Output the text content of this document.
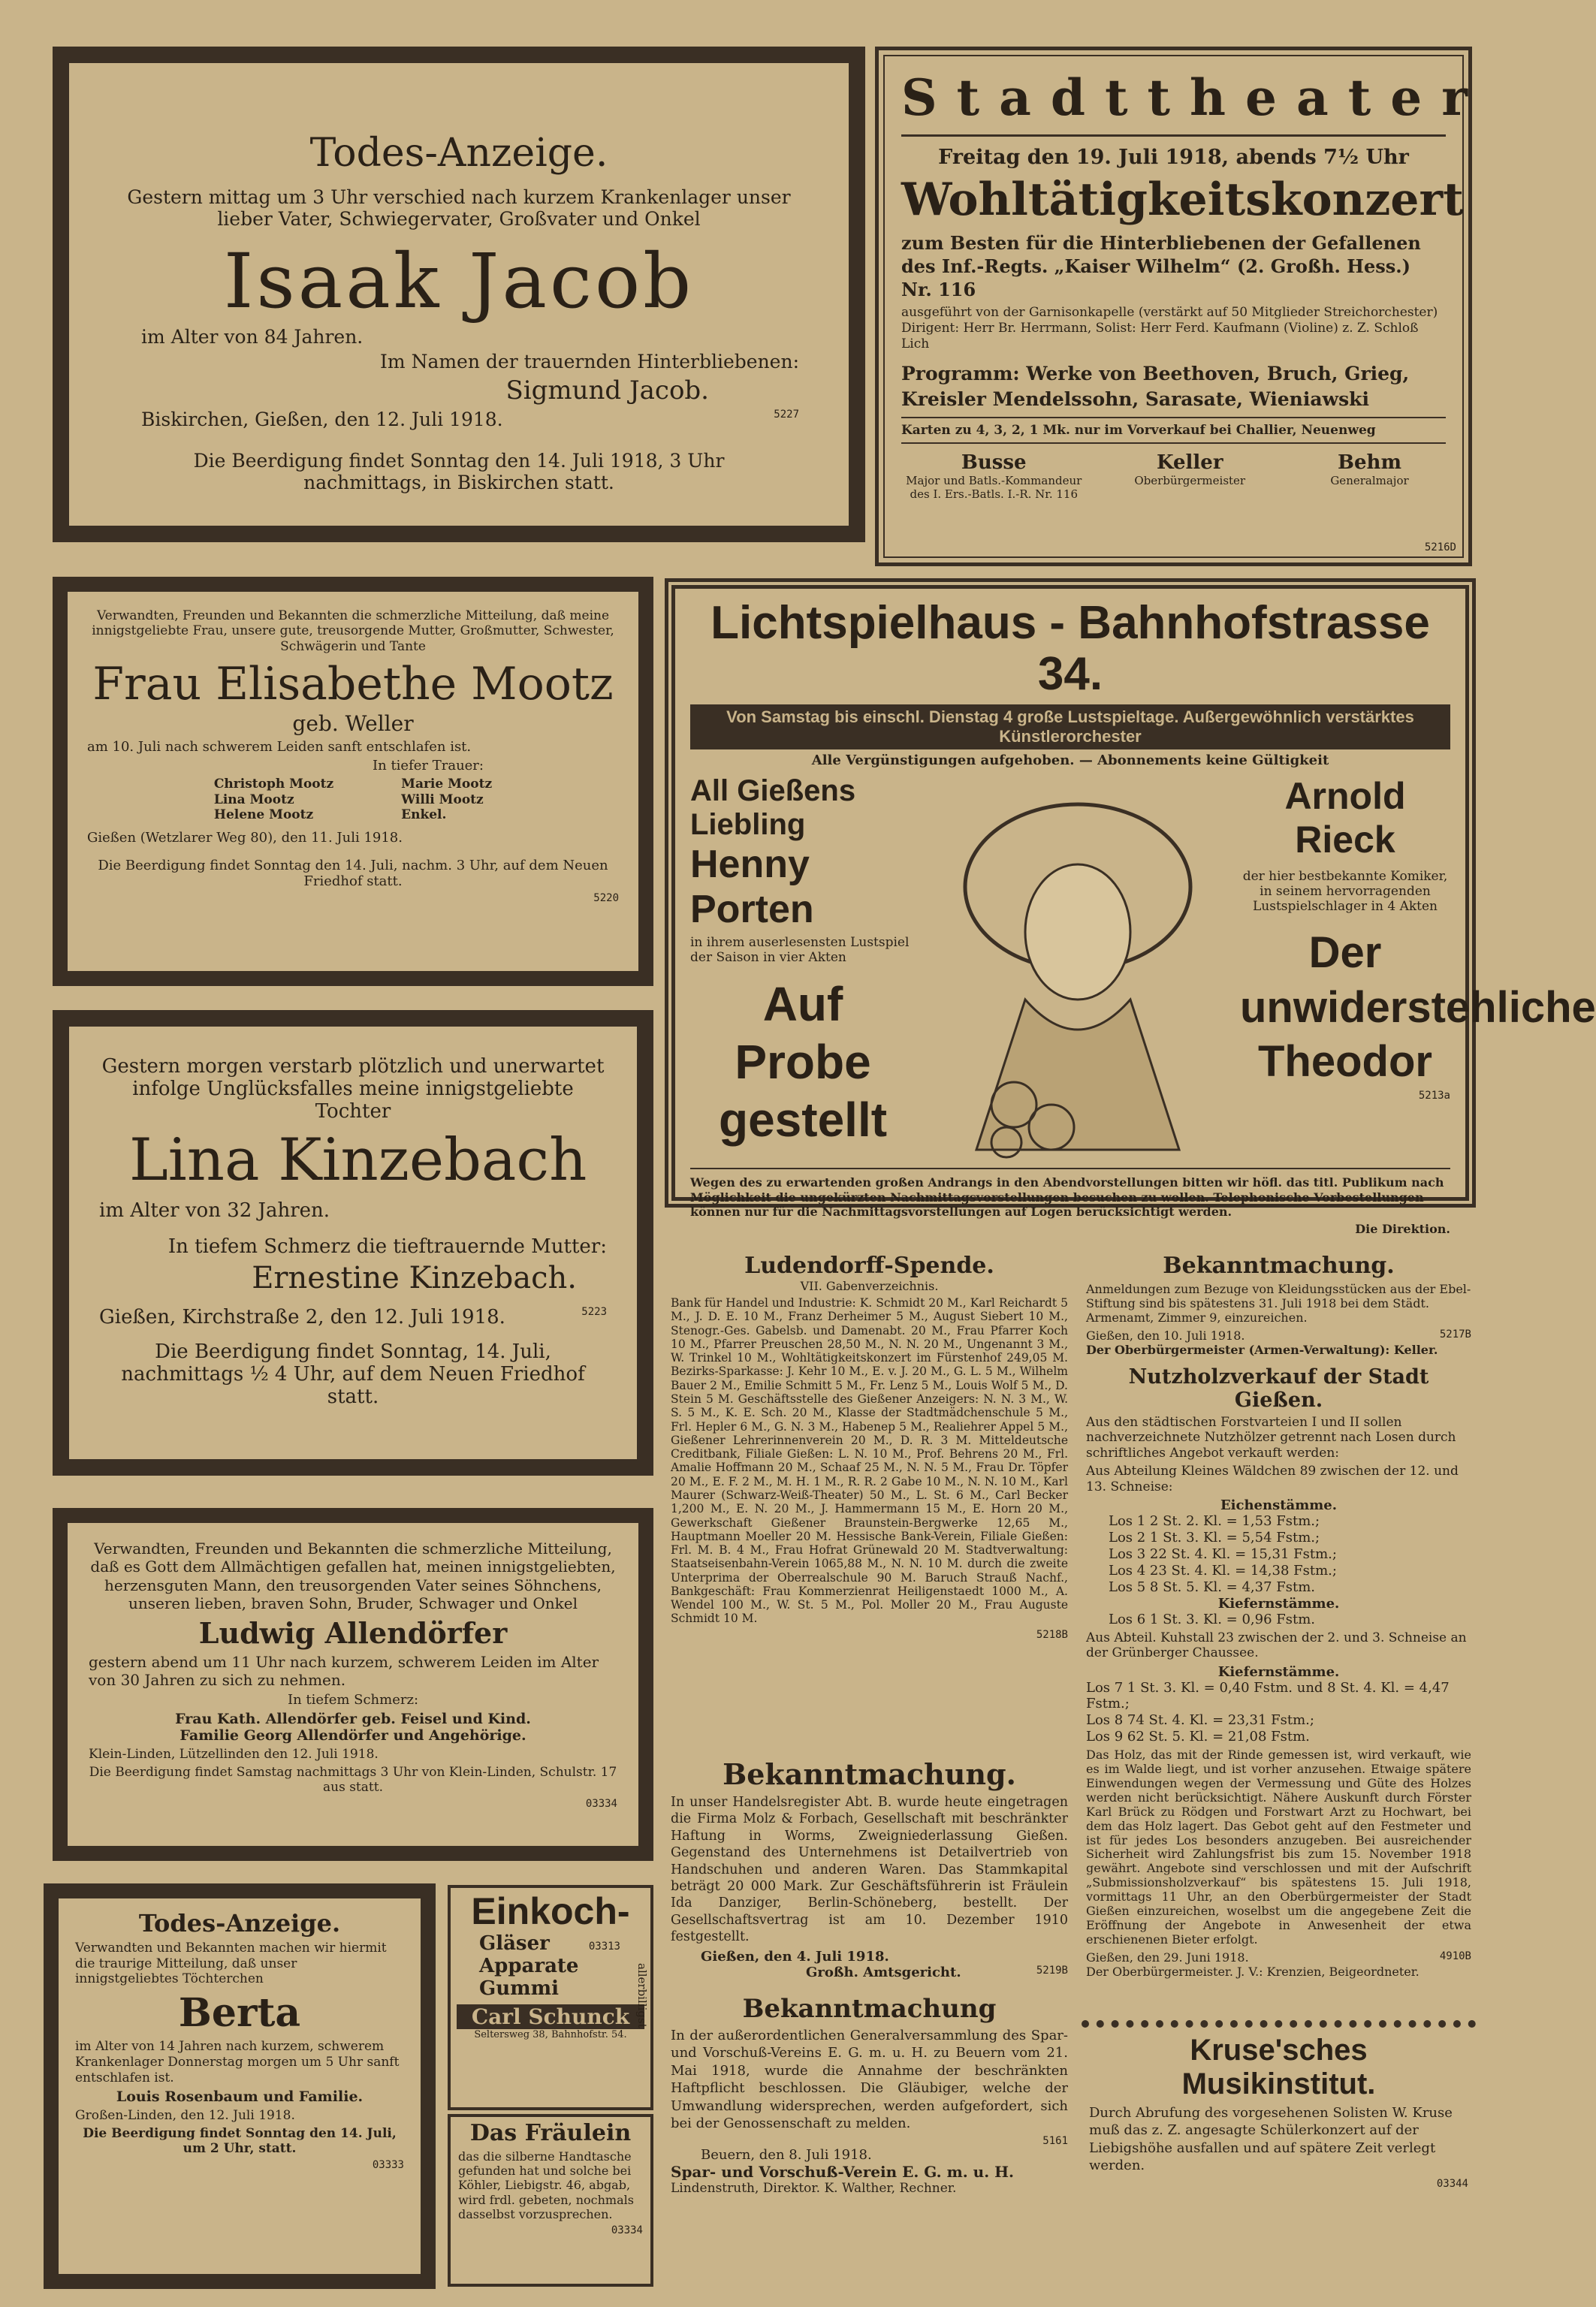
Todes-Anzeige.

Gestern mittag um 3 Uhr verschied nach kurzem Krankenlager unser lieber Vater, Schwiegervater, Großvater und Onkel

Isaak Jacob

im Alter von 84 Jahren.

Im Namen der trauernden Hinterbliebenen:

Sigmund Jacob.

Biskirchen, Gießen, den 12. Juli 1918.	5227

Die Beerdigung findet Sonntag den 14. Juli 1918, 3 Uhr nachmittags, in Biskirchen statt.

Stadttheater

Freitag den 19. Juli 1918, abends 7½ Uhr

Wohltätigkeitskonzert

zum Besten für die Hinterbliebenen der Gefallenen des Inf.-Regts. „Kaiser Wilhelm“ (2. Großh. Hess.) Nr. 116

ausgeführt von der Garnisonkapelle (verstärkt auf 50 Mitglieder Streichorchester) Dirigent: Herr Br. Herrmann, Solist: Herr Ferd. Kaufmann (Violine) z. Z. Schloß Lich

Programm: Werke von Beethoven, Bruch, Grieg, Kreisler Mendelssohn, Sarasate, Wieniawski

Karten zu 4, 3, 2, 1 Mk. nur im Vorverkauf bei Challier, Neuenweg

Busse
Major und Batls.-Kommandeur des I. Ers.-Batls. I.-R. Nr. 116
Keller
Oberbürgermeister
Behm
Generalmajor
5216D

Verwandten, Freunden und Bekannten die schmerzliche Mitteilung, daß meine innigstgeliebte Frau, unsere gute, treusorgende Mutter, Großmutter, Schwester, Schwägerin und Tante

Frau Elisabethe Mootz
geb. Weller

am 10. Juli nach schwerem Leiden sanft entschlafen ist.

In tiefer Trauer:

Christoph Mootz
Lina Mootz
Helene Mootz
Marie Mootz
Willi Mootz
Enkel.

Gießen (Wetzlarer Weg 80), den 11. Juli 1918.

Die Beerdigung findet Sonntag den 14. Juli, nachm. 3 Uhr, auf dem Neuen Friedhof statt.

5220
Lichtspielhaus - Bahnhofstrasse 34.
Von Samstag bis einschl. Dienstag 4 große Lustspieltage. Außergewöhnlich verstärktes Künstlerorchester

Alle Vergünstigungen aufgehoben. — Abonnements keine Gültigkeit

All Gießens Liebling
Henny Porten

in ihrem auserlesensten Lustspiel der Saison in vier Akten

Auf Probe gestellt
Arnold Rieck

der hier bestbekannte Komiker, in seinem hervorragenden Lustspielschlager in 4 Akten

Der unwiderstehliche Theodor
5213a

Wegen des zu erwartenden großen Andrangs in den Abendvorstellungen bitten wir höfl. das titl. Publikum nach Möglichkeit die ungekürzten Nachmittagsvorstellungen besuchen zu wollen. Telephonische Vorbestellungen können nur für die Nachmittagsvorstellungen auf Logen berücksichtigt werden.

Die Direktion.

Gestern morgen verstarb plötzlich und unerwartet infolge Unglücksfalles meine innigstgeliebte Tochter

Lina Kinzebach

im Alter von 32 Jahren.

In tiefem Schmerz die tieftrauernde Mutter:

Ernestine Kinzebach.

Gießen, Kirchstraße 2, den 12. Juli 1918.	5223

Die Beerdigung findet Sonntag, 14. Juli, nachmittags ½ 4 Uhr, auf dem Neuen Friedhof statt.

Ludendorff-Spende.
VII. Gabenverzeichnis.

Bank für Handel und Industrie: K. Schmidt 20 M., Karl Reichardt 5 M., J. D. E. 10 M., Franz Derheimer 5 M., August Siebert 10 M., Stenogr.-Ges. Gabelsb. und Damenabt. 20 M., Frau Pfarrer Koch 10 M., Pfarrer Preuschen 28,50 M., N. N. 20 M., Ungenannt 3 M., W. Trinkel 10 M., Wohltätigkeitskonzert im Fürstenhof 249,05 M. Bezirks-Sparkasse: J. Kehr 10 M., E. v. J. 20 M., G. L. 5 M., Wilhelm Bauer 2 M., Emilie Schmitt 5 M., Fr. Lenz 5 M., Louis Wolf 5 M., D. Stein 5 M. Geschäftsstelle des Gießener Anzeigers: N. N. 3 M., W. S. 5 M., K. E. Sch. 20 M., Klasse der Stadtmädchenschule 5 M., Frl. Hepler 6 M., G. N. 3 M., Habenep 5 M., Realiehrer Appel 5 M., Gießener Lehrerinnenverein 20 M., D. R. 3 M. Mitteldeutsche Creditbank, Filiale Gießen: L. N. 10 M., Prof. Behrens 20 M., Frl. Amalie Hoffmann 20 M., Schaaf 25 M., N. N. 5 M., Frau Dr. Töpfer 20 M., E. F. 2 M., M. H. 1 M., R. R. 2 Gabe 10 M., N. N. 10 M., Karl Maurer (Schwarz-Weiß-Theater) 50 M., L. St. 6 M., Carl Becker 1,200 M., E. N. 20 M., J. Hammermann 15 M., E. Horn 20 M., Gewerkschaft Gießener Braunstein-Bergwerke 12,65 M., Hauptmann Moeller 20 M. Hessische Bank-Verein, Filiale Gießen: Frl. M. B. 4 M., Frau Hofrat Grünewald 20 M. Stadtverwaltung: Staatseisenbahn-Verein 1065,88 M., N. N. 10 M. durch die zweite Unterprima der Oberrealschule 90 M. Baruch Strauß Nachf., Bankgeschäft: Frau Kommerzienrat Heiligenstaedt 1000 M., A. Wendel 100 M., W. St. 5 M., Pol. Moller 20 M., Frau Auguste Schmidt 10 M.

5218B
Bekanntmachung.

Anmeldungen zum Bezuge von Kleidungsstücken aus der Ebel-Stiftung sind bis spätestens 31. Juli 1918 bei dem Städt. Armenamt, Zimmer 9, einzureichen.

Gießen, den 10. Juli 1918.	5217B
Der Oberbürgermeister (Armen-Verwaltung): Keller.
Nutzholzverkauf der Stadt Gießen.

Aus den städtischen Forstvarteien I und II sollen nachverzeichnete Nutzhölzer getrennt nach Losen durch schriftliches Angebot verkauft werden:

Aus Abteilung Kleines Wäldchen 89 zwischen der 12. und 13. Schneise:

Eichenstämme.
Los 1 2 St. 2. Kl. = 1,53 Fstm.;
Los 2 1 St. 3. Kl. = 5,54 Fstm.;
Los 3 22 St. 4. Kl. = 15,31 Fstm.;
Los 4 23 St. 4. Kl. = 14,38 Fstm.;
Los 5 8 St. 5. Kl. = 4,37 Fstm.
Kiefernstämme.
Los 6 1 St. 3. Kl. = 0,96 Fstm.

Aus Abteil. Kuhstall 23 zwischen der 2. und 3. Schneise an der Grünberger Chaussee.

Kiefernstämme.
Los 7 1 St. 3. Kl. = 0,40 Fstm. und 8 St. 4. Kl. = 4,47 Fstm.;
Los 8 74 St. 4. Kl. = 23,31 Fstm.;
Los 9 62 St. 5. Kl. = 21,08 Fstm.

Das Holz, das mit der Rinde gemessen ist, wird verkauft, wie es im Walde liegt, und ist vorher anzusehen. Etwaige spätere Einwendungen wegen der Vermessung und Güte des Holzes werden nicht berücksichtigt. Nähere Auskunft durch Förster Karl Brück zu Rödgen und Forstwart Arzt zu Hochwart, bei dem das Holz lagert. Das Gebot geht auf den Festmeter und ist für jedes Los besonders anzugeben. Bei ausreichender Sicherheit wird Zahlungsfrist bis zum 15. November 1918 gewährt. Angebote sind verschlossen und mit der Aufschrift „Submissionsholzverkauf“ bis spätestens 15. Juli 1918, vormittags 11 Uhr, an den Oberbürgermeister der Stadt Gießen einzureichen, woselbst um die angegebene Zeit die Eröffnung der Angebote in Anwesenheit der etwa erschienenen Bieter erfolgt.

Gießen, den 29. Juni 1918.	4910B
Der Oberbürgermeister. J. V.: Krenzien, Beigeordneter.

Verwandten, Freunden und Bekannten die schmerzliche Mitteilung, daß es Gott dem Allmächtigen gefallen hat, meinen innigstgeliebten, herzensguten Mann, den treusorgenden Vater seines Söhnchens, unseren lieben, braven Sohn, Bruder, Schwager und Onkel

Ludwig Allendörfer

gestern abend um 11 Uhr nach kurzem, schwerem Leiden im Alter von 30 Jahren zu sich zu nehmen.

In tiefem Schmerz:

Frau Kath. Allendörfer geb. Feisel und Kind.
Familie Georg Allendörfer und Angehörige.

Klein-Linden, Lützellinden den 12. Juli 1918.

Die Beerdigung findet Samstag nachmittags 3 Uhr von Klein-Linden, Schulstr. 17 aus statt.

03334
Bekanntmachung.

In unser Handelsregister Abt. B. wurde heute eingetragen die Firma Molz & Forbach, Gesellschaft mit beschränkter Haftung in Worms, Zweigniederlassung Gießen. Gegenstand des Unternehmens ist Detailvertrieb von Handschuhen und anderen Waren. Das Stammkapital beträgt 20 000 Mark. Zur Geschäftsführerin ist Fräulein Ida Danziger, Berlin-Schöneberg, bestellt. Der Gesellschaftsvertrag ist am 10. Dezember 1910 festgestellt.

Gießen, den 4. Juli 1918.
Großh. Amtsgericht.	5219B
Todes-Anzeige.

Verwandten und Bekannten machen wir hiermit die traurige Mitteilung, daß unser innigstgeliebtes Töchterchen

Berta

im Alter von 14 Jahren nach kurzem, schwerem Krankenlager Donnerstag morgen um 5 Uhr sanft entschlafen ist.

Louis Rosenbaum und Familie.

Großen-Linden, den 12. Juli 1918.

Die Beerdigung findet Sonntag den 14. Juli, um 2 Uhr, statt.

03333
Einkoch-
Gläser
Apparate
Gummi
03313
allerbilligst
Carl Schunck
Seltersweg 38, Bahnhofstr. 54.
Das Fräulein

das die silberne Handtasche gefunden hat und solche bei Köhler, Liebigstr. 46, abgab, wird frdl. gebeten, nochmals dasselbst vorzusprechen.

03334
Bekanntmachung

In der außerordentlichen Generalversammlung des Spar- und Vorschuß-Vereins E. G. m. u. H. zu Beuern vom 21. Mai 1918, wurde die Annahme der beschränkten Haftpflicht beschlossen. Die Gläubiger, welche der Umwandlung widersprechen, werden aufgefordert, sich bei der Genossenschaft zu melden.

5161
Beuern, den 8. Juli 1918.
Spar- und Vorschuß-Verein E. G. m. u. H.
Lindenstruth, Direktor. K. Walther, Rechner.
Kruse'sches Musikinstitut.

Durch Abrufung des vorgesehenen Solisten W. Kruse muß das z. Z. angesagte Schülerkonzert auf der Liebigshöhe ausfallen und auf spätere Zeit verlegt werden.

03344
